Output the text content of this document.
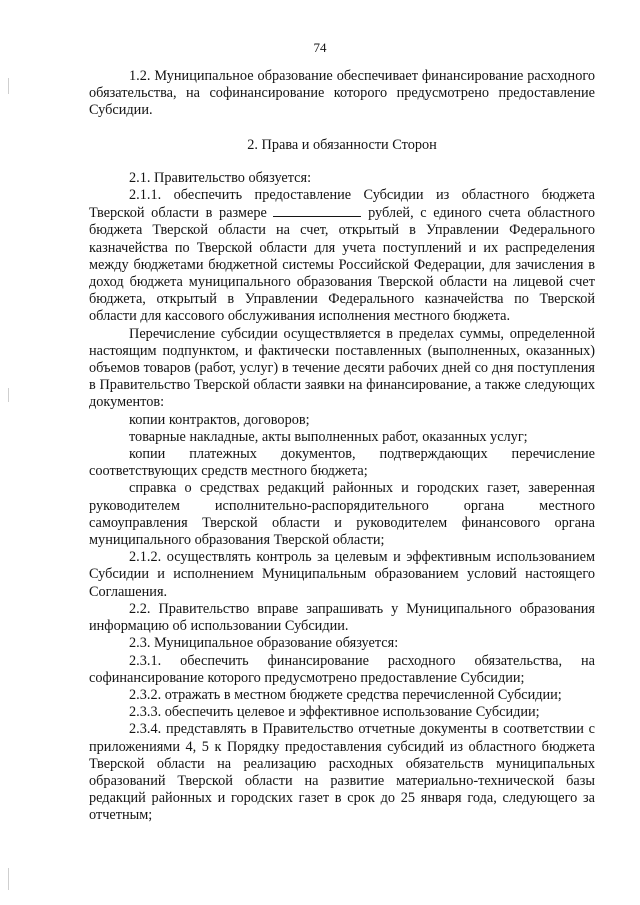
74

1.2. Муниципальное образование обеспечивает финансирование расходного обязательства, на софинансирование которого предусмотрено предоставление Субсидии.

2. Права и обязанности Сторон

2.1. Правительство обязуется:

2.1.1. обеспечить предоставление Субсидии из областного бюджета Тверской области в размере	рублей, с единого счета областного бюджета Тверской области на счет, открытый в Управлении Федерального казначейства по Тверской области для учета поступлений и их распределения между бюджетами бюджетной системы Российской Федерации, для зачисления в доход бюджета муниципального образования Тверской области на лицевой счет бюджета, открытый в Управлении Федерального казначейства по Тверской области для кассового обслуживания исполнения местного бюджета.

Перечисление субсидии осуществляется в пределах суммы, определенной настоящим подпунктом, и фактически поставленных (выполненных, оказанных) объемов товаров (работ, услуг) в течение десяти рабочих дней со дня поступления в Правительство Тверской области заявки на финансирование, а также следующих документов:

копии контрактов, договоров;

товарные накладные, акты выполненных работ, оказанных услуг;

копии платежных документов, подтверждающих перечисление соответствующих средств местного бюджета;

справка о средствах редакций районных и городских газет, заверенная руководителем исполнительно-распорядительного органа местного самоуправления Тверской области и руководителем финансового органа муниципального образования Тверской области;

2.1.2. осуществлять контроль за целевым и эффективным использованием Субсидии и исполнением Муниципальным образованием условий настоящего Соглашения.

2.2. Правительство вправе запрашивать у Муниципального образования информацию об использовании Субсидии.

2.3. Муниципальное образование обязуется:

2.3.1. обеспечить финансирование расходного обязательства, на софинансирование которого предусмотрено предоставление Субсидии;

2.3.2. отражать в местном бюджете средства перечисленной Субсидии;

2.3.3. обеспечить целевое и эффективное использование Субсидии;

2.3.4. представлять в Правительство отчетные документы в соответствии с приложениями 4, 5 к Порядку предоставления субсидий из областного бюджета Тверской области на реализацию расходных обязательств муниципальных образований Тверской области на развитие материально-технической базы редакций районных и городских газет в срок до 25 января года, следующего за отчетным;
